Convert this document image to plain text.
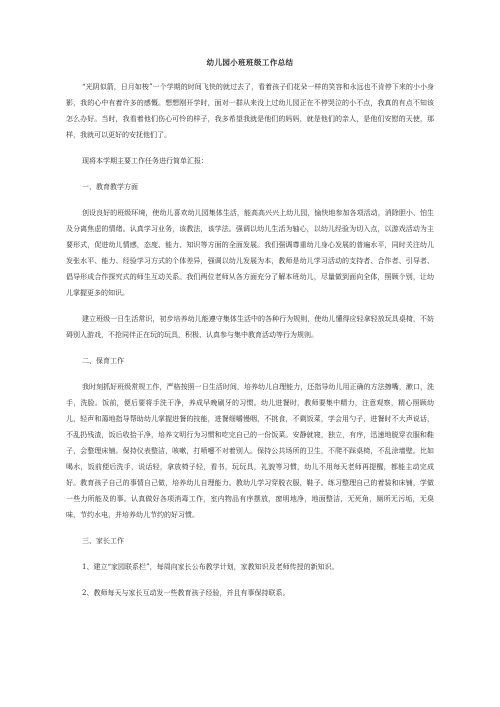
幼儿园小班班级工作总结

“光阴似箭，日月如梭”一个学期的时间飞快的就过去了，看着孩子们花朵一样的笑容和永远也不肯停下来的小小身影，我的心中有着许多的感慨。想想刚开学时，面对一群从来没上过幼儿园正在不停哭泣的小不点，我真的有点不知该怎么办好。当时，我看着他们伤心可怜的样子，我多希望我就是他们的妈妈，就是他们的亲人，是他们安慰的天使，那样，我就可以更好的安抚他们了。

现将本学期主要工作任务进行简单汇报：

一、教育教学方面

创设良好的班级环境，使幼儿喜欢幼儿园集体生活，能高高兴兴上幼儿园，愉快地参加各项活动，消除胆小、怕生及分离焦虑的情绪。认真学习业务，该教法，该学法。强调以幼儿生活为轴心，以幼儿经验为切入点，以游戏活动为主要形式，促进幼儿情感，态度、能力、知识等方面的全面发展。我们强调尊重幼儿身心发展的普遍水平，同时关注幼儿发张水平、能力、经验学习方式的个体差异，强调以幼儿发展为本，教师是幼儿学习活动的支持者、合作者、引导者、倡导形成合作探究式的师生互动关系。我们两位老师从各方面充分了解本班幼儿，尽量做到面向全体，照顾个别，让幼儿掌握更多的知识。

建立班级一日生活常识，初步培养幼儿能遵守集体生活中的各种行为规则，使幼儿懂得应轻拿轻放玩具桌椅，不妨碍别人游戏，不抢同伴正在玩的玩具，积极、认真参与集中教育活动等行为规则。

二、保育工作

我时刻抓好班级常规工作，严格按照一日生活时间，培养幼儿自理能力，还指导幼儿用正确的方法擦嘴，漱口，洗手，洗脸。饭前，便后要将手洗干净，养成早晚刷牙的习惯。幼儿进餐时，教师要集中精力，注意观察，精心照顾幼儿，轻声和蔼地指导帮助幼儿掌握进餐的技能，进餐细嚼慢咽，不挑食，不剩饭菜，学会用勺子，进餐时不大声说话，不乱扔残渣，饭后收拾干净，培养文明行为习惯和吃完自己的一份饭菜。安静就寝，独立，有序，迅速地脱穿衣服和鞋子，会整理床铺。保持仪表整洁，咳嗽，打喷嚏不对着别人。保持公共场所的卫生，不爬不踩桌椅，不乱涂墙壁。比如喝水，饭前便后洗手，说话轻，拿放椅子轻，看书，玩玩具，礼貌等习惯，幼儿不用每天老师再提醒，都能主动完成好。教育孩子自己的事情自己做，培养幼儿自理能力。教幼儿学习穿脱衣服，鞋子。练习整理自己的着装和床铺，学做一些力所能及的事。认真做好各项消毒工作，室内物品有序摆放，窗明地净，地面整洁，无死角，厕所无污垢，无臭味，节约水电，并培养幼儿节约的好习惯。

三、家长工作

1、建立“家园联系栏”，每周向家长公布教学计划，家教知识及老师传授的新知识。

2、教师每天与家长互动发一些教育孩子经验，并且有事保持联系。
